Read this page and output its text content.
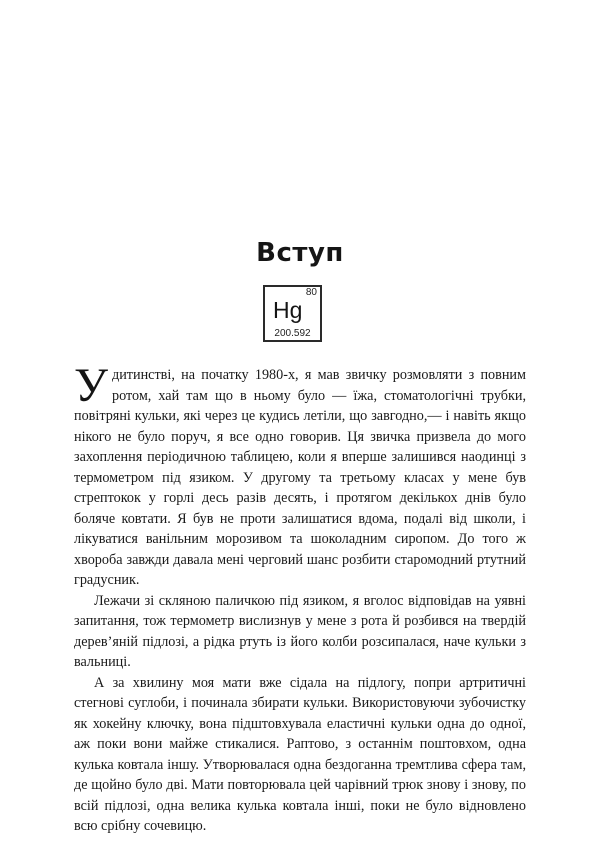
Вступ
80
Hg
200.592

Удитинстві, на початку 1980-х, я мав звичку розмовляти з повним ротом, хай там що в ньому було — їжа, стоматологічні трубки, повітряні кульки, які через це кудись летіли, що завгодно,— і навіть якщо нікого не було поруч, я все одно говорив. Ця звичка призвела до мого захоплення періодичною таблицею, коли я вперше залишився наодинці з термометром під язиком. У другому та третьому класах у мене був стрептокок у горлі десь разів десять, і протягом декількох днів було боляче ковтати. Я був не проти залишатися вдома, подалі від школи, і лікуватися ванільним морозивом та шоколадним сиропом. До того ж хвороба завжди давала мені черговий шанс розбити старомодний ртутний градусник.

Лежачи зі скляною паличкою під язиком, я вголос відповідав на уявні запитання, тож термометр вислизнув у мене з рота й розбився на твердій дерев’яній підлозі, а рідка ртуть із його колби розсипалася, наче кульки з вальниці.

А за хвилину моя мати вже сідала на підлогу, попри артритичні стегнові суглоби, і починала збирати кульки. Використовуючи зубочистку як хокейну ключку, вона підштовхувала еластичні кульки одна до одної, аж поки вони майже стикалися. Раптово, з останнім поштовхом, одна кулька ковтала іншу. Утворювалася одна бездоганна тремтлива сфера там, де щойно було дві. Мати повторювала цей чарівний трюк знову і знову, по всій підлозі, одна велика кулька ковтала інші, поки не було відновлено всю срібну сочевицю.
